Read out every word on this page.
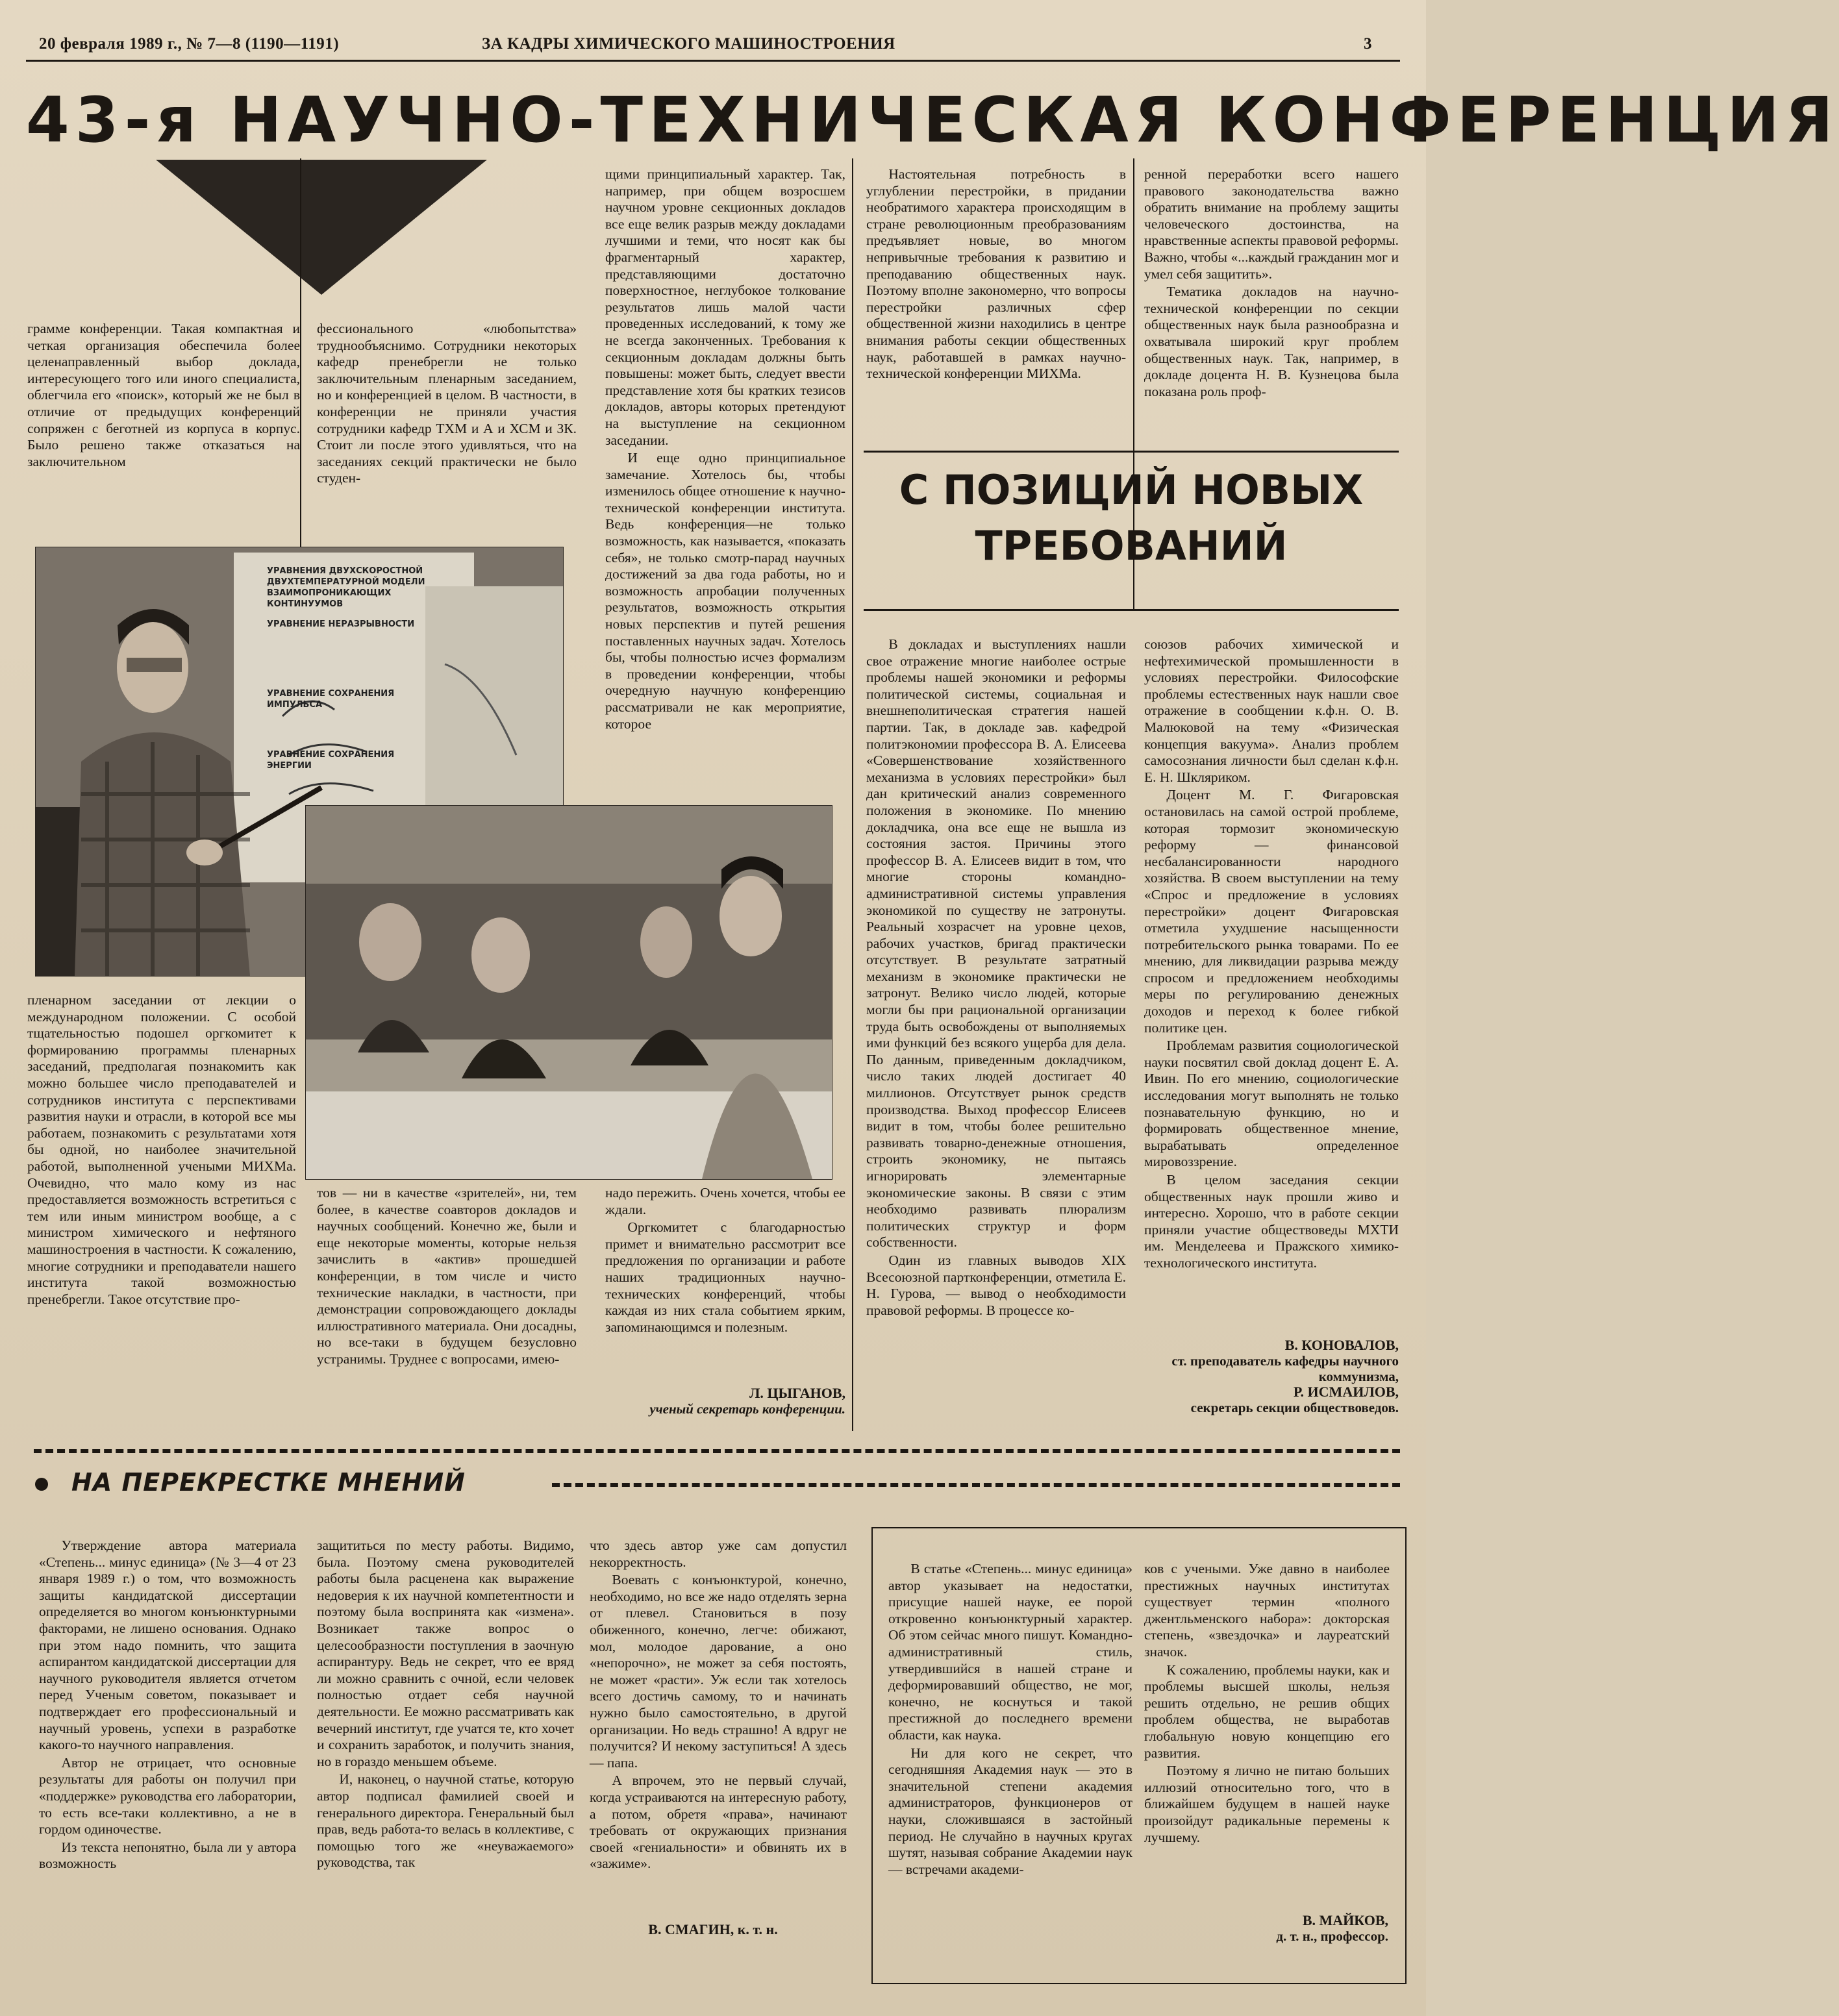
20 февраля 1989 г., № 7—8 (1190—1191)	ЗА КАДРЫ ХИМИЧЕСКОГО МАШИНОСТРОЕНИЯ	3
43-я НАУЧНО-ТЕХНИЧЕСКАЯ КОНФЕРЕНЦИЯ

грамме конференции. Такая компактная и четкая организация обеспечила более целенаправленный выбор доклада, интересующего того или иного специалиста, облегчила его «поиск», который же не был в отличие от предыдущих конференций сопряжен с беготней из корпуса в корпус. Было решено также отказаться на заключительном

фессионального «любопытства» труднообъяснимо. Сотрудники некоторых кафедр пренебрегли не только заключительным пленарным заседанием, но и конференцией в целом. В частности, в конференции не приняли участия сотрудники кафедр ТХМ и А и ХСМ и ЗК. Стоит ли после этого удивляться, что на заседаниях секций практически не было студен-

щими принципиальный характер. Так, например, при общем возросшем научном уровне секционных докладов все еще велик разрыв между докладами лучшими и теми, что носят как бы фрагментарный характер, представляющими достаточно поверхностное, неглубокое толкование результатов лишь малой части проведенных исследований, к тому же не всегда законченных. Требования к секционным докладам должны быть повышены: может быть, следует ввести представление хотя бы кратких тезисов докладов, авторы которых претендуют на выступление на секционном заседании.

И еще одно принципиальное замечание. Хотелось бы, чтобы изменилось общее отношение к научно-технической конференции института. Ведь конференция—не только возможность, как называется, «показать себя», не только смотр-парад научных достижений за два года работы, но и возможность апробации полученных результатов, возможность открытия новых перспектив и путей решения поставленных научных задач. Хотелось бы, чтобы полностью исчез формализм в проведении конференции, чтобы очередную научную конференцию рассматривали не как мероприятие, которое

УРАВНЕНИЯ ДВУХСКОРОСТНОЙ
ДВУХТЕМПЕРАТУРНОЙ МОДЕЛИ
ВЗАИМОПРОНИКАЮЩИХ КОНТИНУУМОВ
УРАВНЕНИЕ НЕРАЗРЫВНОСТИ
УРАВНЕНИЕ СОХРАНЕНИЯ ИМПУЛЬСА
УРАВНЕНИЕ СОХРАНЕНИЯ ЭНЕРГИИ

пленарном заседании от лекции о международном положении. С особой тщательностью подошел оргкомитет к формированию программы пленарных заседаний, предполагая познакомить как можно большее число преподавателей и сотрудников института с перспективами развития науки и отрасли, в которой все мы работаем, познакомить с результатами хотя бы одной, но наиболее значительной работой, выполненной учеными МИХМа. Очевидно, что мало кому из нас предоставляется возможность встретиться с тем или иным министром вообще, а с министром химического и нефтяного машиностроения в частности. К сожалению, многие сотрудники и преподаватели нашего института такой возможностью пренебрегли. Такое отсутствие про-

тов — ни в качестве «зрителей», ни, тем более, в качестве соавторов докладов и научных сообщений. Конечно же, были и еще некоторые моменты, которые нельзя зачислить в «актив» прошедшей конференции, в том числе и чисто технические накладки, в частности, при демонстрации сопровождающего доклады иллюстративного материала. Они досадны, но все-таки в будущем безусловно устранимы. Труднее с вопросами, имею-

надо пережить. Очень хочется, чтобы ее ждали.

Оргкомитет с благодарностью примет и внимательно рассмотрит все предложения по организации и работе наших традиционных научно-технических конференций, чтобы каждая из них стала событием ярким, запоминающимся и полезным.

Л. ЦЫГАНОВ,
ученый секретарь конференции.

Настоятельная потребность в углублении перестройки, в придании необратимого характера происходящим в стране революционным преобразованиям предъявляет новые, во многом непривычные требования к развитию и преподаванию общественных наук. Поэтому вполне закономерно, что вопросы перестройки различных сфер общественной жизни находились в центре внимания работы секции общественных наук, работавшей в рамках научно-технической конференции МИХМа.

ренной переработки всего нашего правового законодательства важно обратить внимание на проблему защиты человеческого достоинства, на нравственные аспекты правовой реформы. Важно, чтобы «...каждый гражданин мог и умел себя защитить».

Тематика докладов на научно-технической конференции по секции общественных наук была разнообразна и охватывала широкий круг проблем общественных наук. Так, например, в докладе доцента Н. В. Кузнецова была показана роль проф-

С ПОЗИЦИЙ НОВЫХ
ТРЕБОВАНИЙ

В докладах и выступлениях нашли свое отражение многие наиболее острые проблемы нашей экономики и реформы политической системы, социальная и внешнеполитическая стратегия нашей партии. Так, в докладе зав. кафедрой политэкономии профессора В. А. Елисеева «Совершенствование хозяйственного механизма в условиях перестройки» был дан критический анализ современного положения в экономике. По мнению докладчика, она все еще не вышла из состояния застоя. Причины этого профессор В. А. Елисеев видит в том, что многие стороны командно-административной системы управления экономикой по существу не затронуты. Реальный хозрасчет на уровне цехов, рабочих участков, бригад практически отсутствует. В результате затратный механизм в экономике практически не затронут. Велико число людей, которые могли бы при рациональной организации труда быть освобождены от выполняемых ими функций без всякого ущерба для дела. По данным, приведенным докладчиком, число таких людей достигает 40 миллионов. Отсутствует рынок средств производства. Выход профессор Елисеев видит в том, чтобы более решительно развивать товарно-денежные отношения, строить экономику, не пытаясь игнорировать элементарные экономические законы. В связи с этим необходимо развивать плюрализм политических структур и форм собственности.

Один из главных выводов XIX Всесоюзной партконференции, отметила Е. Н. Гурова, — вывод о необходимости правовой реформы. В процессе ко-

союзов рабочих химической и нефтехимической промышленности в условиях перестройки. Философские проблемы естественных наук нашли свое отражение в сообщении к.ф.н. О. В. Малюковой на тему «Физическая концепция вакуума». Анализ проблем самосознания личности был сделан к.ф.н. Е. Н. Шкляриком.

Доцент М. Г. Фигаровская остановилась на самой острой проблеме, которая тормозит экономическую реформу — финансовой несбалансированности народного хозяйства. В своем выступлении на тему «Спрос и предложение в условиях перестройки» доцент Фигаровская отметила ухудшение насыщенности потребительского рынка товарами. По ее мнению, для ликвидации разрыва между спросом и предложением необходимы меры по регулированию денежных доходов и переход к более гибкой политике цен.

Проблемам развития социологической науки посвятил свой доклад доцент Е. А. Ивин. По его мнению, социологические исследования могут выполнять не только познавательную функцию, но и формировать общественное мнение, вырабатывать определенное мировоззрение.

В целом заседания секции общественных наук прошли живо и интересно. Хорошо, что в работе секции приняли участие обществоведы МХТИ им. Менделеева и Пражского химико-технологического института.

В. КОНОВАЛОВ,
ст. преподаватель кафедры научного коммунизма,
Р. ИСМАИЛОВ,
секретарь секции обществоведов.
НА ПЕРЕКРЕСТКЕ МНЕНИЙ

Утверждение автора материала «Степень... минус единица» (№ 3—4 от 23 января 1989 г.) о том, что возможность защиты кандидатской диссертации определяется во многом конъюнктурными факторами, не лишено основания. Однако при этом надо помнить, что защита аспирантом кандидатской диссертации для научного руководителя является отчетом перед Ученым советом, показывает и подтверждает его профессиональный и научный уровень, успехи в разработке какого-то научного направления.

Автор не отрицает, что основные результаты для работы он получил при «поддержке» руководства его лаборатории, то есть все-таки коллективно, а не в гордом одиночестве.

Из текста непонятно, была ли у автора возможность

защититься по месту работы. Видимо, была. Поэтому смена руководителей работы была расценена как выражение недоверия к их научной компетентности и поэтому была воспринята как «измена». Возникает также вопрос о целесообразности поступления в заочную аспирантуру. Ведь не секрет, что ее вряд ли можно сравнить с очной, если человек полностью отдает себя научной деятельности. Ее можно рассматривать как вечерний институт, где учатся те, кто хочет и сохранить заработок, и получить знания, но в гораздо меньшем объеме.

И, наконец, о научной статье, которую автор подписал фамилией своей и генерального директора. Генеральный был прав, ведь работа-то велась в коллективе, с помощью того же «неуважаемого» руководства, так

что здесь автор уже сам допустил некорректность.

Воевать с конъюнктурой, конечно, необходимо, но все же надо отделять зерна от плевел. Становиться в позу обиженного, конечно, легче: обижают, мол, молодое дарование, а оно «непорочно», не может за себя постоять, не может «расти». Уж если так хотелось всего достичь самому, то и начинать нужно было самостоятельно, в другой организации. Но ведь страшно! А вдруг не получится? И некому заступиться! А здесь — папа.

А впрочем, это не первый случай, когда устраиваются на интересную работу, а потом, обретя «права», начинают требовать от окружающих признания своей «гениальности» и обвинять их в «зажиме».

В. СМАГИН, к. т. н.

В статье «Степень... минус единица» автор указывает на недостатки, присущие нашей науке, ее порой откровенно конъюнктурный характер. Об этом сейчас много пишут. Командно-административный стиль, утвердившийся в нашей стране и деформировавший общество, не мог, конечно, не коснуться и такой престижной до последнего времени области, как наука.

Ни для кого не секрет, что сегодняшняя Академия наук — это в значительной степени академия администраторов, функционеров от науки, сложившаяся в застойный период. Не случайно в научных кругах шутят, называя собрание Академии наук — встречами академи-

ков с учеными. Уже давно в наиболее престижных научных институтах существует термин «полного джентльменского набора»: докторская степень, «звездочка» и лауреатский значок.

К сожалению, проблемы науки, как и проблемы высшей школы, нельзя решить отдельно, не решив общих проблем общества, не выработав глобальную новую концепцию его развития.

Поэтому я лично не питаю больших иллюзий относительно того, что в ближайшем будущем в нашей науке произойдут радикальные перемены к лучшему.

В. МАЙКОВ,
д. т. н., профессор.
